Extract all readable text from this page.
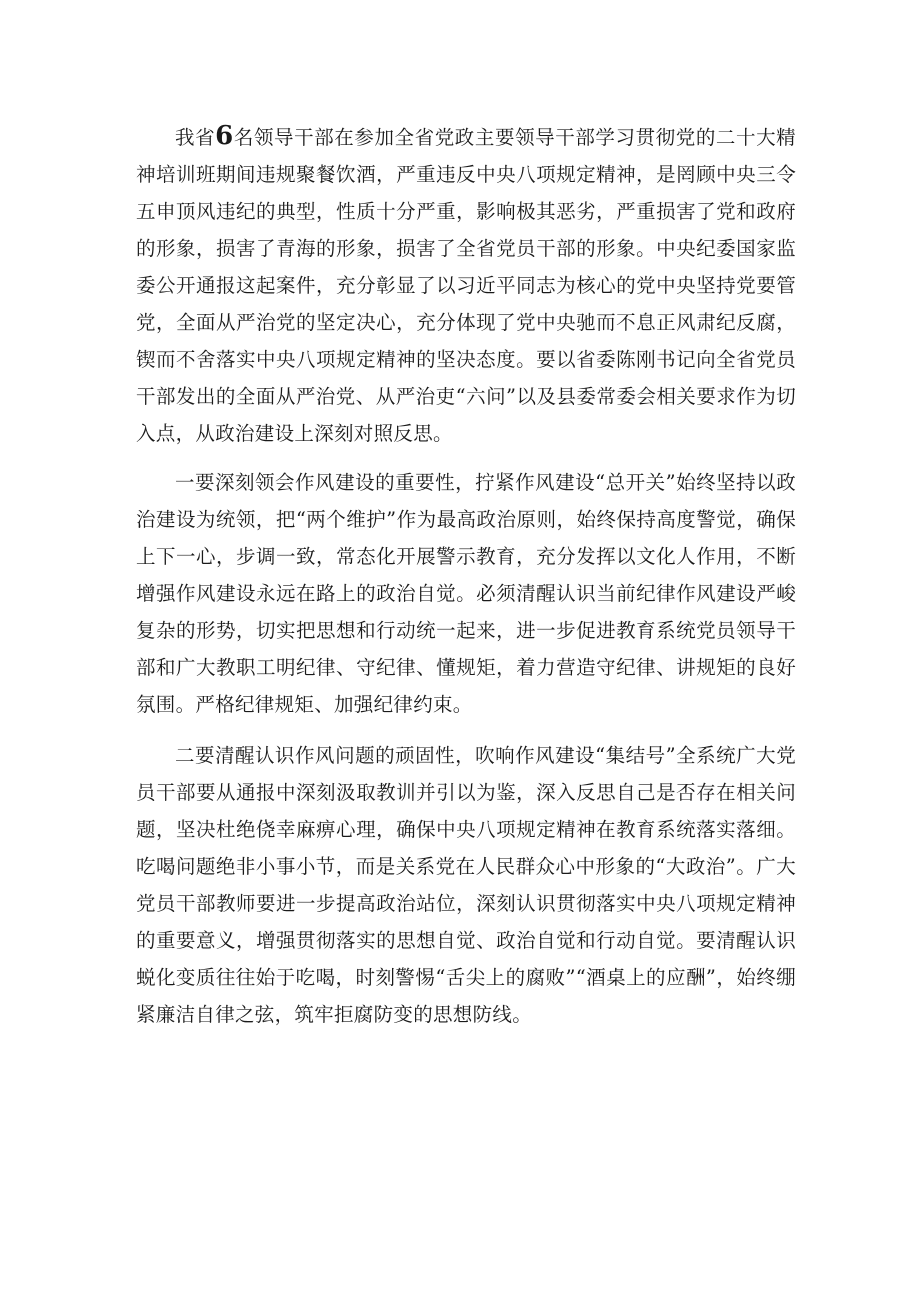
我省6名领导干部在参加全省党政主要领导干部学习贯彻党的二十大精神培训班期间违规聚餐饮酒，严重违反中央八项规定精神，是罔顾中央三令五申顶风违纪的典型，性质十分严重，影响极其恶劣，严重损害了党和政府的形象，损害了青海的形象，损害了全省党员干部的形象。中央纪委国家监委公开通报这起案件，充分彰显了以习近平同志为核心的党中央坚持党要管党，全面从严治党的坚定决心，充分体现了党中央驰而不息正风肃纪反腐，锲而不舍落实中央八项规定精神的坚决态度。要以省委陈刚书记向全省党员干部发出的全面从严治党、从严治吏“六问”以及县委常委会相关要求作为切入点，从政治建设上深刻对照反思。

一要深刻领会作风建设的重要性，拧紧作风建设“总开关”始终坚持以政治建设为统领，把“两个维护”作为最高政治原则，始终保持高度警觉，确保上下一心，步调一致，常态化开展警示教育，充分发挥以文化人作用，不断增强作风建设永远在路上的政治自觉。必须清醒认识当前纪律作风建设严峻复杂的形势，切实把思想和行动统一起来，进一步促进教育系统党员领导干部和广大教职工明纪律、守纪律、懂规矩，着力营造守纪律、讲规矩的良好氛围。严格纪律规矩、加强纪律约束。

二要清醒认识作风问题的顽固性，吹响作风建设“集结号”全系统广大党员干部要从通报中深刻汲取教训并引以为鉴，深入反思自己是否存在相关问题，坚决杜绝侥幸麻痹心理，确保中央八项规定精神在教育系统落实落细。吃喝问题绝非小事小节，而是关系党在人民群众心中形象的“大政治”。广大党员干部教师要进一步提高政治站位，深刻认识贯彻落实中央八项规定精神的重要意义，增强贯彻落实的思想自觉、政治自觉和行动自觉。要清醒认识蜕化变质往往始于吃喝，时刻警惕“舌尖上的腐败”“酒桌上的应酬”，始终绷紧廉洁自律之弦，筑牢拒腐防变的思想防线。
